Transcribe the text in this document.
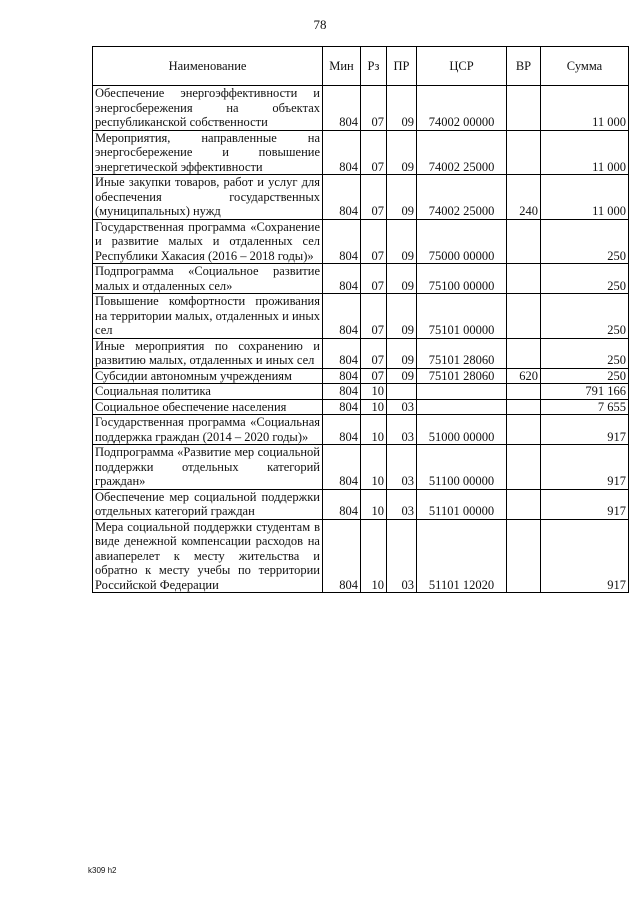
78
Наименование	Мин	Рз	ПР	ЦСР	ВР	Сумма
Обеспечение энергоэффективности и энергосбережения на объектах республиканской собственности	804	07	09	74002 00000		11 000
Мероприятия, направленные на энергосбережение и повышение энергетической эффективности	804	07	09	74002 25000		11 000
Иные закупки товаров, работ и услуг для обеспечения государственных (муниципальных) нужд	804	07	09	74002 25000	240	11 000
Государственная программа «Сохранение и развитие малых и отдаленных сел Республики Хакасия (2016 – 2018 годы)»	804	07	09	75000 00000		250
Подпрограмма «Социальное развитие малых и отдаленных сел»	804	07	09	75100 00000		250
Повышение комфортности проживания на территории малых, отдаленных и иных сел	804	07	09	75101 00000		250
Иные мероприятия по сохранению и развитию малых, отдаленных и иных сел	804	07	09	75101 28060		250
Субсидии автономным учреждениям	804	07	09	75101 28060	620	250
Социальная политика	804	10				791 166
Социальное обеспечение населения	804	10	03			7 655
Государственная программа «Социальная поддержка граждан (2014 – 2020 годы)»	804	10	03	51000 00000		917
Подпрограмма «Развитие мер социальной поддержки отдельных категорий граждан»	804	10	03	51100 00000		917
Обеспечение мер социальной поддержки отдельных категорий граждан	804	10	03	51101 00000		917
Мера социальной поддержки студентам в виде денежной компенсации расходов на авиаперелет к месту жительства и обратно к месту учебы по территории Российской Федерации	804	10	03	51101 12020		917
k309 h2
